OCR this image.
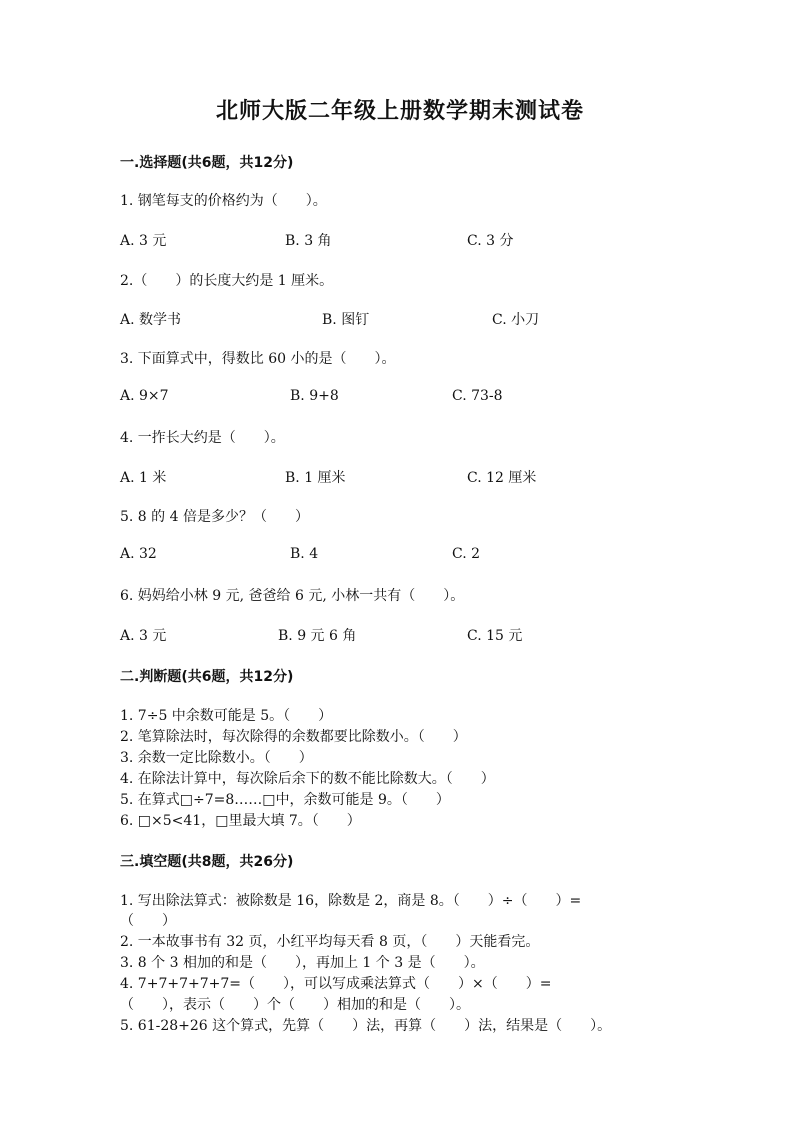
北师大版二年级上册数学期末测试卷
一.选择题(共6题，共12分)
1. 钢笔每支的价格约为（　　）。
A. 3 元	B. 3 角	C. 3 分
2.（　　）的长度大约是 1 厘米。
A. 数学书	B. 图钉	C. 小刀
3. 下面算式中，得数比 60 小的是（　　）。
A. 9×7	B. 9+8	C. 73-8
4. 一拃长大约是（　　）。
A. 1 米	B. 1 厘米	C. 12 厘米
5. 8 的 4 倍是多少？（　　）
A. 32	B. 4	C. 2
6. 妈妈给小林 9 元, 爸爸给 6 元, 小林一共有（　　）。
A. 3 元	B. 9 元 6 角	C. 15 元
二.判断题(共6题，共12分)
1. 7÷5 中余数可能是 5。（　　）
2. 笔算除法时，每次除得的余数都要比除数小。（　　）
3. 余数一定比除数小。（　　）
4. 在除法计算中，每次除后余下的数不能比除数大。（　　）
5. 在算式□÷7=8……□中，余数可能是 9。（　　）
6. □×5<41，□里最大填 7。（　　）
三.填空题(共8题，共26分)
1. 写出除法算式：被除数是 16，除数是 2，商是 8。（　　）÷（　　）=
（　　）
2. 一本故事书有 32 页，小红平均每天看 8 页，（　　）天能看完。
3. 8 个 3 相加的和是（　　），再加上 1 个 3 是（　　）。
4. 7+7+7+7+7=（　　），可以写成乘法算式（　　）×（　　）=
（　　），表示（　　）个（　　）相加的和是（　　）。
5. 61-28+26 这个算式，先算（　　）法，再算（　　）法，结果是（　　）。
